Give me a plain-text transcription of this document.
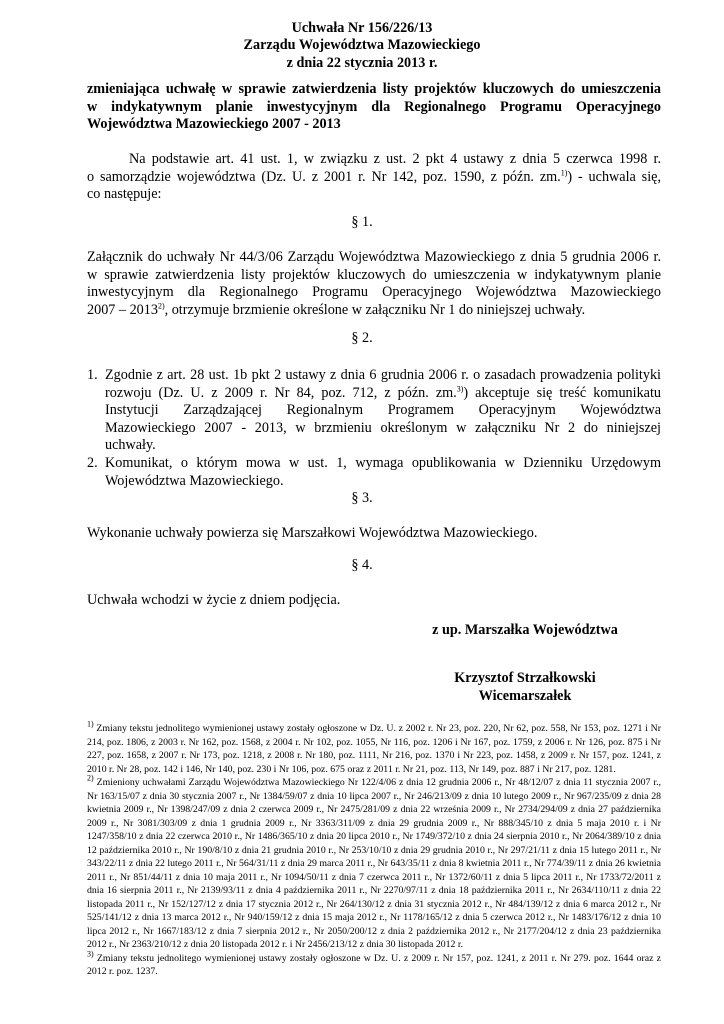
Uchwała Nr 156/226/13
Zarządu Województwa Mazowieckiego
z dnia 22 stycznia 2013 r.
zmieniająca uchwałę w sprawie zatwierdzenia listy projektów kluczowych do umieszczenia
w indykatywnym planie inwestycyjnym dla Regionalnego Programu Operacyjnego
Województwa Mazowieckiego 2007 - 2013
Na podstawie art. 41 ust. 1, w związku z ust. 2 pkt 4 ustawy z dnia 5 czerwca 1998 r.
o samorządzie województwa (Dz. U. z 2001 r. Nr 142, poz. 1590, z późn. zm.$^{1)}$) - uchwala się,
co następuje:
§ 1.
Załącznik do uchwały Nr 44/3/06 Zarządu Województwa Mazowieckiego z dnia 5 grudnia 2006 r.
w sprawie zatwierdzenia listy projektów kluczowych do umieszczenia w indykatywnym planie
inwestycyjnym dla Regionalnego Programu Operacyjnego Województwa Mazowieckiego
2007 – 2013$^{2)}$, otrzymuje brzmienie określone w załączniku Nr 1 do niniejszej uchwały.
§ 2.
1. Zgodnie z art. 28 ust. 1b pkt 2 ustawy z dnia 6 grudnia 2006 r. o zasadach prowadzenia polityki
rozwoju (Dz. U. z 2009 r. Nr 84, poz. 712, z późn. zm.$^{3)}$) akceptuje się treść komunikatu
Instytucji Zarządzającej Regionalnym Programem Operacyjnym Województwa
Mazowieckiego 2007 - 2013, w brzmieniu określonym w załączniku Nr 2 do niniejszej
uchwały.
2. Komunikat, o którym mowa w ust. 1, wymaga opublikowania w Dzienniku Urzędowym
Województwa Mazowieckiego.
§ 3.
Wykonanie uchwały powierza się Marszałkowi Województwa Mazowieckiego.
§ 4.
Uchwała wchodzi w życie z dniem podjęcia.
z up. Marszałka Województwa
Krzysztof Strzałkowski
Wicemarszałek
$^{1)}$ Zmiany tekstu jednolitego wymienionej ustawy zostały ogłoszone w Dz. U. z 2002 r. Nr 23, poz. 220, Nr 62, poz. 558, Nr 153, poz. 1271 i Nr 214, poz. 1806, z 2003 r. Nr 162, poz. 1568, z 2004 r. Nr 102, poz. 1055, Nr 116, poz. 1206 i Nr 167, poz. 1759, z 2006 r. Nr 126, poz. 875 i Nr 227, poz. 1658, z 2007 r. Nr 173, poz. 1218, z 2008 r. Nr 180, poz. 1111, Nr 216, poz. 1370 i Nr 223, poz. 1458, z 2009 r. Nr 157, poz. 1241, z 2010 r. Nr 28, poz. 142 i 146, Nr 140, poz. 230 i Nr 106, poz. 675 oraz z 2011 r. Nr 21, poz. 113, Nr 149, poz. 887 i Nr 217, poz. 1281.
$^{2)}$ Zmieniony uchwałami Zarządu Województwa Mazowieckiego Nr 122/4/06 z dnia 12 grudnia 2006 r., Nr 48/12/07 z dnia 11 stycznia 2007 r., Nr 163/15/07 z dnia 30 stycznia 2007 r., Nr 1384/59/07 z dnia 10 lipca 2007 r., Nr 246/213/09 z dnia 10 lutego 2009 r., Nr 967/235/09 z dnia 28 kwietnia 2009 r., Nr 1398/247/09 z dnia 2 czerwca 2009 r., Nr 2475/281/09 z dnia 22 września 2009 r., Nr 2734/294/09 z dnia 27 października 2009 r., Nr 3081/303/09 z dnia 1 grudnia 2009 r., Nr 3363/311/09 z dnia 29 grudnia 2009 r., Nr 888/345/10 z dnia 5 maja 2010 r. i Nr 1247/358/10 z dnia 22 czerwca 2010 r., Nr 1486/365/10 z dnia 20 lipca 2010 r., Nr 1749/372/10 z dnia 24 sierpnia 2010 r., Nr 2064/389/10 z dnia 12 października 2010 r., Nr 190/8/10 z dnia 21 grudnia 2010 r., Nr 253/10/10 z dnia 29 grudnia 2010 r., Nr 297/21/11 z dnia 15 lutego 2011 r., Nr 343/22/11 z dnia 22 lutego 2011 r., Nr 564/31/11 z dnia 29 marca 2011 r., Nr 643/35/11 z dnia 8 kwietnia 2011 r., Nr 774/39/11 z dnia 26 kwietnia 2011 r., Nr 851/44/11 z dnia 10 maja 2011 r., Nr 1094/50/11 z dnia 7 czerwca 2011 r., Nr 1372/60/11 z dnia 5 lipca 2011 r., Nr 1733/72/2011 z dnia 16 sierpnia 2011 r., Nr 2139/93/11 z dnia 4 października 2011 r., Nr 2270/97/11 z dnia 18 października 2011 r., Nr 2634/110/11 z dnia 22 listopada 2011 r., Nr 152/127/12 z dnia 17 stycznia 2012 r., Nr 264/130/12 z dnia 31 stycznia 2012 r., Nr 484/139/12 z dnia 6 marca 2012 r., Nr 525/141/12 z dnia 13 marca 2012 r., Nr 940/159/12 z dnia 15 maja 2012 r., Nr 1178/165/12 z dnia 5 czerwca 2012 r., Nr 1483/176/12 z dnia 10 lipca 2012 r., Nr 1667/183/12 z dnia 7 sierpnia 2012 r., Nr 2050/200/12 z dnia 2 października 2012 r., Nr 2177/204/12 z dnia 23 października 2012 r., Nr 2363/210/12 z dnia 20 listopada 2012 r. i Nr 2456/213/12 z dnia 30 listopada 2012 r.
$^{3)}$ Zmiany tekstu jednolitego wymienionej ustawy zostały ogłoszone w Dz. U. z 2009 r. Nr 157, poz. 1241, z 2011 r. Nr 279. poz. 1644 oraz z 2012 r. poz. 1237.
